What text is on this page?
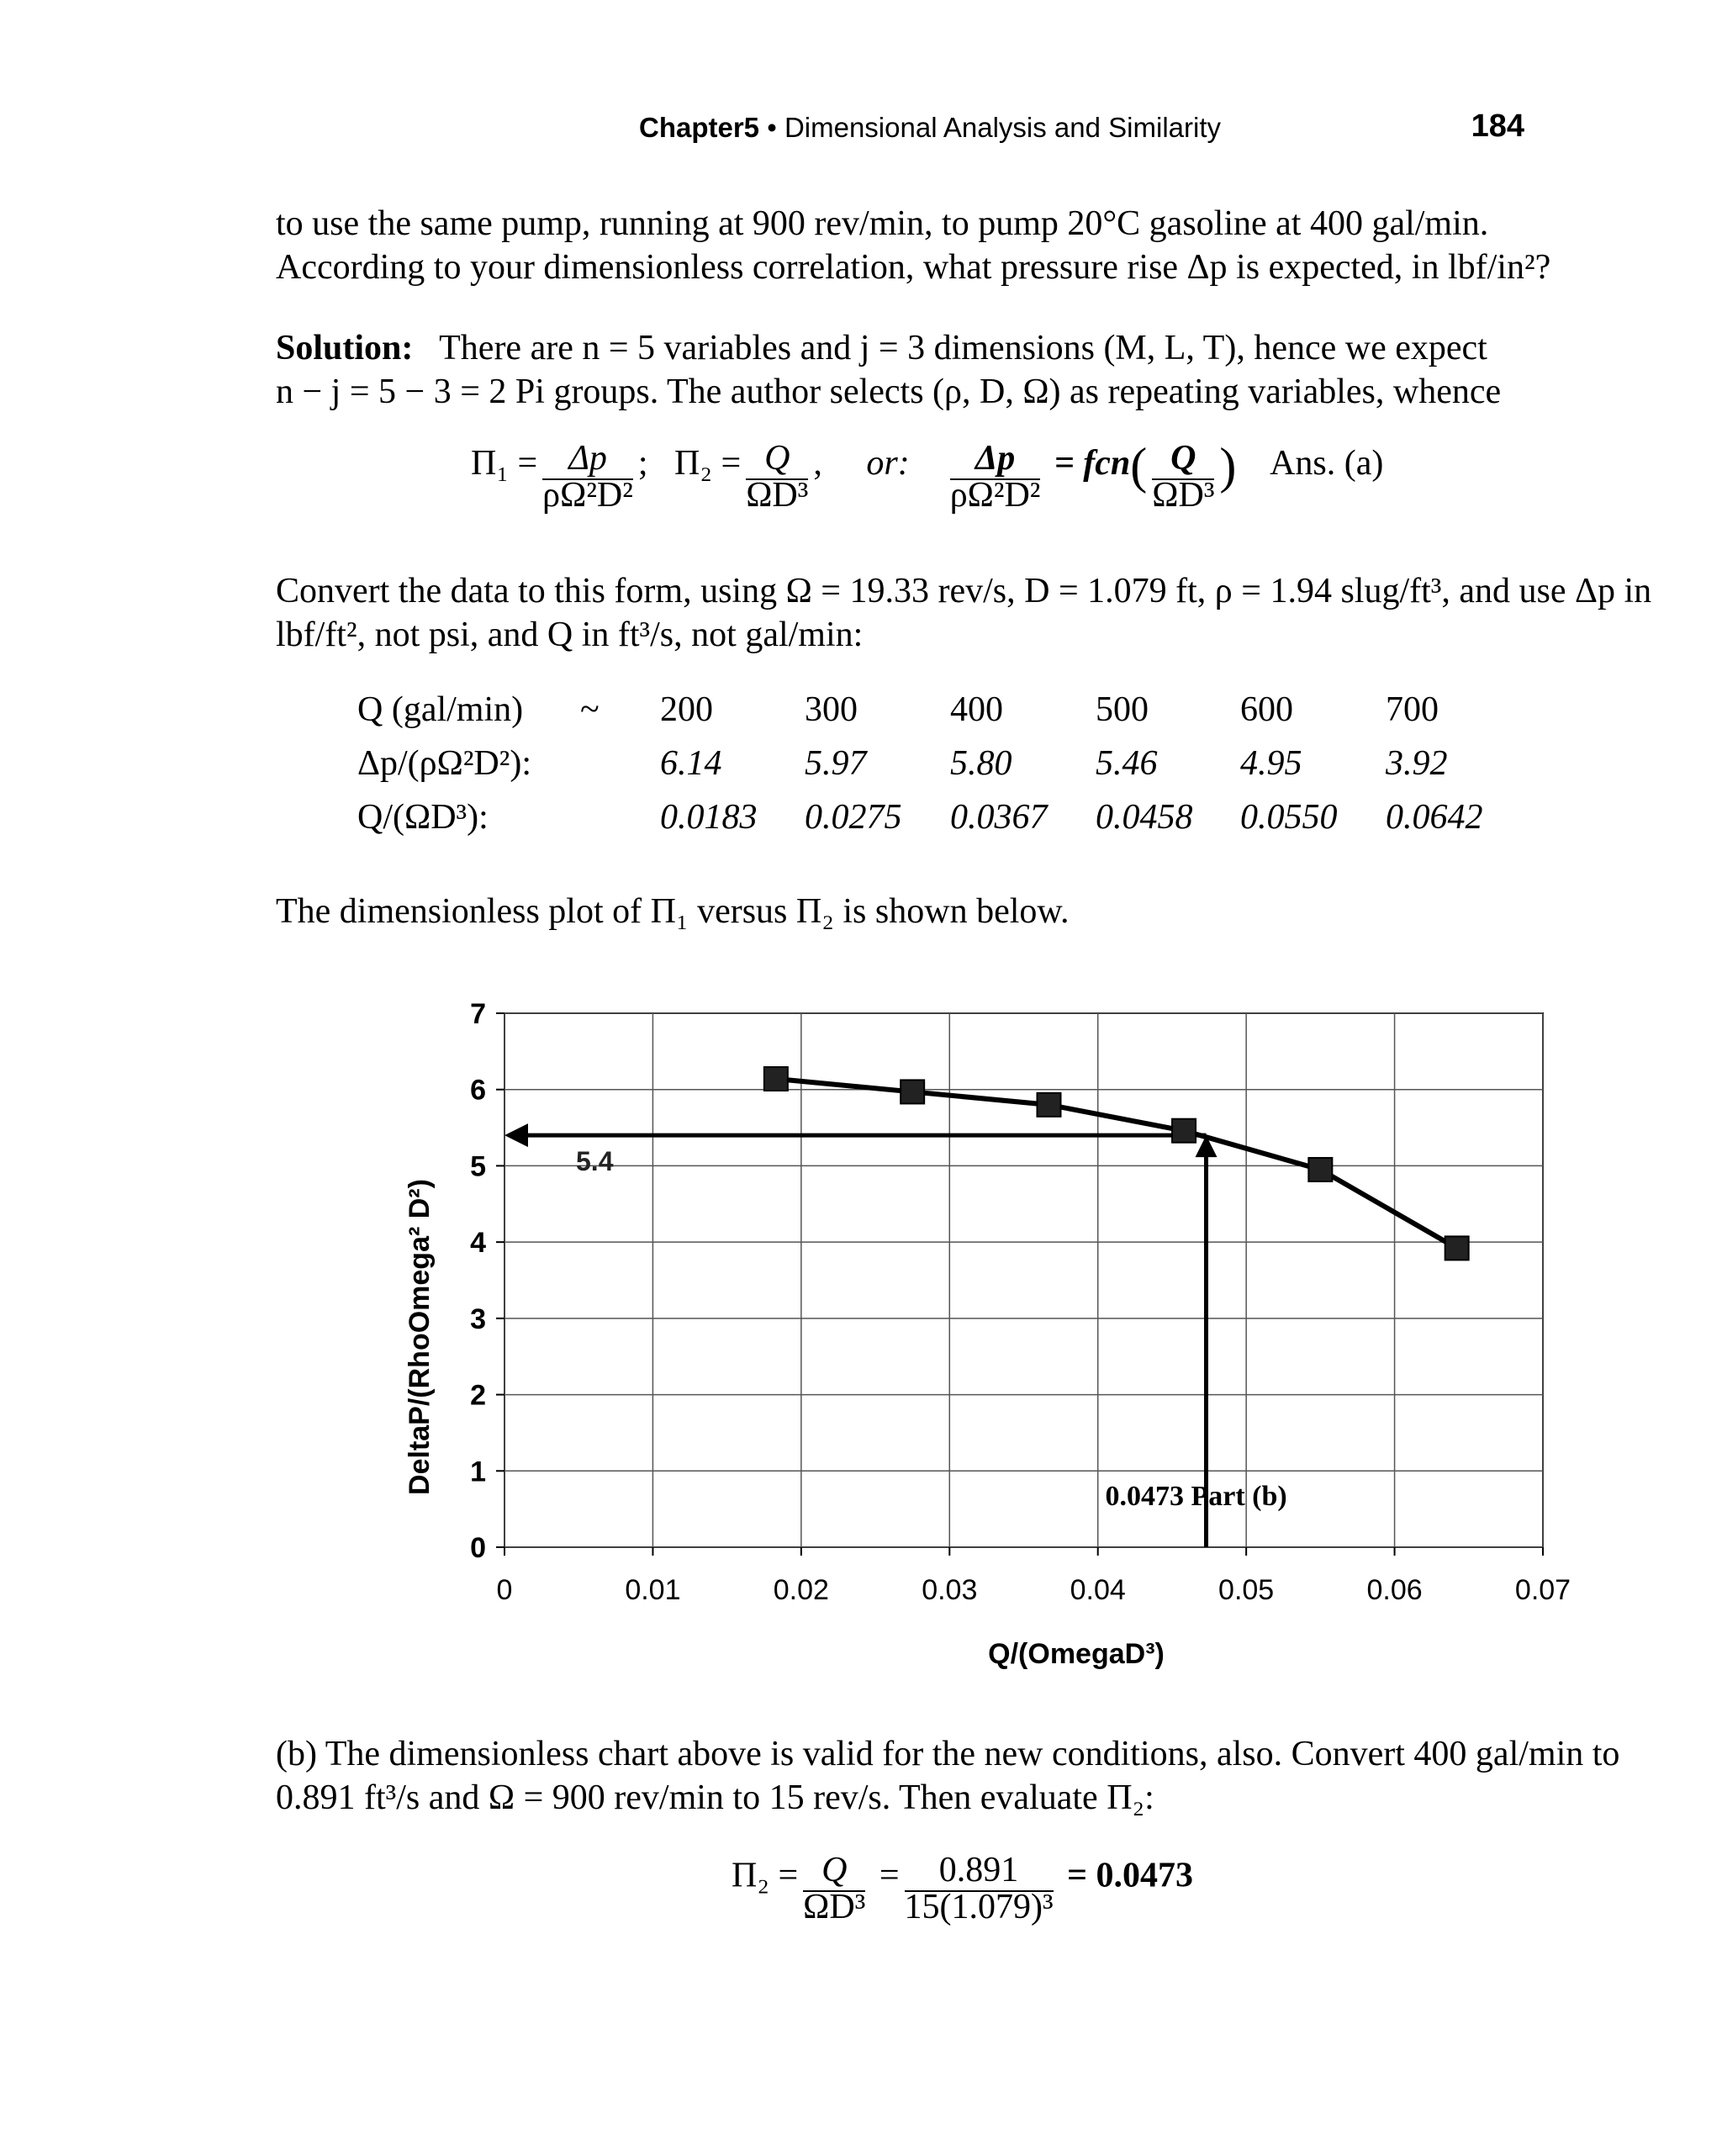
Chapter5 • Dimensional Analysis and Similarity	184
to use the same pump, running at 900 rev/min, to pump 20°C gasoline at 400 gal/min.
According to your dimensionless correlation, what pressure rise Δp is expected, in lbf/in²?
Solution: There are n = 5 variables and j = 3 dimensions (M, L, T), hence we expect
n − j = 5 − 3 = 2 Pi groups. The author selects (ρ, D, Ω) as repeating variables, whence
$\Pi_1 = \frac{\Delta p}{\text{ρΩ²D²}}$ ; $\Pi_2 = \frac{Q}{\text{ΩD³}}$ , or: $\frac{\Delta p}{\text{ρΩ²D²}} = fcn( \frac{Q}{\text{ΩD³}}$ ) Ans. (a)
Convert the data to this form, using Ω = 19.33 rev/s, D = 1.079 ft, ρ = 1.94 slug/ft³, and use Δp in
lbf/ft², not psi, and Q in ft³/s, not gal/min:
Q (gal/min) ~ 200	300	400	500	600	700
Δp/(ρΩ²D²):	6.14	5.97	5.80	5.46	4.95	3.92
Q/(ΩD³):	0.0183	0.0275	0.0367	0.0458	0.0550	0.0642
The dimensionless plot of Π₁ versus Π₂ is shown below.
0	0.01	0.02	0.03	0.04	0.05	0.06	0.07
0
1
2
3
4
5
6
7
5.4
0.0473 Part (b)
Q/(OmegaD³)
DeltaP/(RhoOmega² D²)
(b) The dimensionless chart above is valid for the new conditions, also. Convert 400 gal/min to
0.891 ft³/s and Ω = 900 rev/min to 15 rev/s. Then evaluate Π₂:
$\Pi_2 = \frac{Q}{\text{ΩD³}} = \frac{0.891}{\text{15(1.079)³}} = 0.0473$
